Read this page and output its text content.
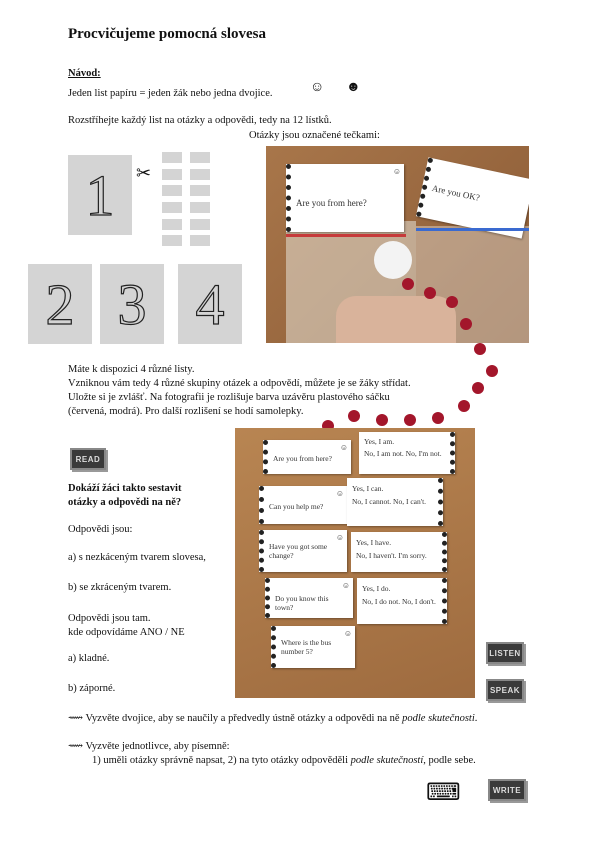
Procvičujeme pomocná slovesa
Návod:
Jeden list papíru = jeden žák nebo jedna dvojice.	☺ ☻
Rozstříhejte každý list na otázky a odpovědi, tedy na 12 lístků.
Otázky jsou označené tečkami:
1 ✂
2 3 4
Are you from here?
☺
Are you OK?
Máte k dispozici 4 různé listy.
Vzniknou vám tedy 4 různé skupiny otázek a odpovědí, můžete je se žáky střídat.
Uložte si je zvlášť. Na fotografii je rozlišuje barva uzávěru plastového sáčku
(červená, modrá). Pro další rozlišení se hodí samolepky.
READ
Dokáží žáci takto sestavit
otázky a odpovědi na ně?
Odpovědi jsou:
a) s nezkáceným tvarem slovesa,
b) se zkráceným tvarem.
Odpovědi jsou tam.
kde odpovídáme ANO / NE
a) kladné.
b) záporné.
Are you from here?
☺
Can you help me?
☺
Have you got some change?
☺
Do you know this town?
☺
Where is the bus number 5?
☺
Yes, I am.
No, I am not. No, I'm not.
Yes, I can.
No, I cannot. No, I can't.
Yes, I have.
No, I haven't. I'm sorry.
Yes, I do.
No, I do not. No, I don't.
LISTEN
SPEAK
⟿ Vyzvěte dvojice, aby se naučily a předvedly ústně otázky a odpovědi na ně podle skutečnosti.
⟿ Vyzvěte jednotlivce, aby písemně:
1) uměli otázky správně napsat, 2) na tyto otázky odpověděli podle skutečností, podle sebe.
⌨	WRITE
